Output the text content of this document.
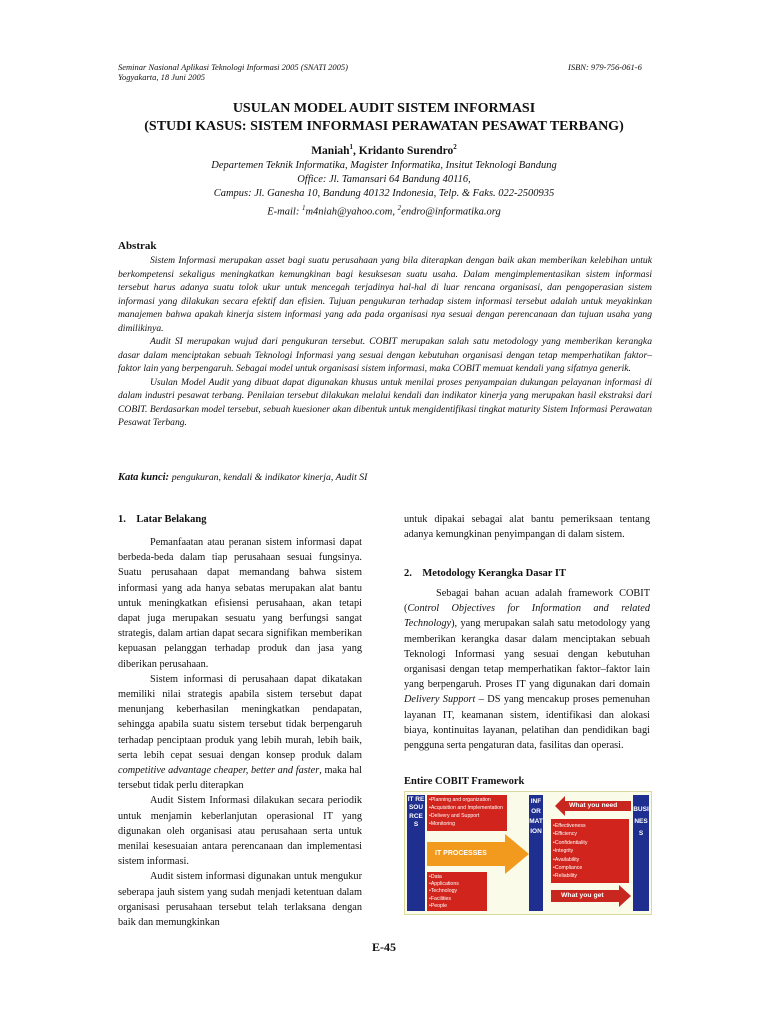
Seminar Nasional Aplikasi Teknologi Informasi 2005 (SNATI 2005)
Yogyakarta, 18 Juni 2005
ISBN: 979-756-061-6
USULAN MODEL AUDIT SISTEM INFORMASI
(STUDI KASUS: SISTEM INFORMASI PERAWATAN PESAWAT TERBANG)
Maniah$^1$, Kridanto Surendro$^2$
Departemen Teknik Informatika, Magister Informatika, Insitut Teknologi Bandung
Office: Jl. Tamansari 64 Bandung 40116,
Campus: Jl. Ganesha 10, Bandung 40132 Indonesia, Telp. & Faks. 022-2500935
E-mail: $^1$m4niah@yahoo.com, $^2$endro@informatika.org
Abstrak

Sistem Informasi merupakan asset bagi suatu perusahaan yang bila diterapkan dengan baik akan memberikan kelebihan untuk berkompetensi sekaligus meningkatkan kemungkinan bagi kesuksesan suatu usaha. Dalam mengimplementasikan sistem informasi tersebut harus adanya suatu tolok ukur untuk mencegah terjadinya hal-hal di luar rencana organisasi, dan pengoperasian sistem informasi yang dilakukan secara efektif dan efisien. Tujuan pengukuran terhadap sistem informasi tersebut adalah untuk meyakinkan manajemen bahwa apakah kinerja sistem informasi yang ada pada organisasi nya sesuai dengan perencanaan dan tujuan usaha yang dimilikinya.

Audit SI merupakan wujud dari pengukuran tersebut. COBIT merupakan salah satu metodology yang memberikan kerangka dasar dalam menciptakan sebuah Teknologi Informasi yang sesuai dengan kebutuhan organisasi dengan tetap memperhatikan faktor–faktor lain yang berpengaruh. Sebagai model untuk organisasi sistem informasi, maka COBIT memuat kendali yang sifatnya generik.

Usulan Model Audit yang dibuat dapat digunakan khusus untuk menilai proses penyampaian dukungan pelayanan informasi di dalam industri pesawat terbang. Penilaian tersebut dilakukan melalui kendali dan indikator kinerja yang merupakan hasil ekstraksi dari COBIT. Berdasarkan model tersebut, sebuah kuesioner akan dibentuk untuk mengidentifikasi tingkat maturity Sistem Informasi Perawatan Pesawat Terbang.

Kata kunci: pengukuran, kendali & indikator kinerja, Audit SI
1.    Latar Belakang

Pemanfaatan atau peranan sistem informasi dapat berbeda-beda dalam tiap perusahaan sesuai fungsinya. Suatu perusahaan dapat memandang bahwa sistem informasi yang ada hanya sebatas merupakan alat bantu untuk meningkatkan efisiensi perusahaan, akan tetapi dapat juga merupakan sesuatu yang berfungsi sangat strategis, dalam artian dapat secara signifikan memberikan kepuasan pelanggan terhadap produk dan jasa yang diberikan perusahaan.

Sistem informasi di perusahaan dapat dikatakan memiliki nilai strategis apabila sistem tersebut dapat menunjang keberhasilan meningkatkan pendapatan, sehingga apabila suatu sistem tersebut tidak berpengaruh terhadap penciptaan produk yang lebih murah, lebih baik, serta lebih cepat sesuai dengan konsep produk dalam competitive advantage cheaper, better and faster, maka hal tersebut tidak perlu diterapkan

Audit Sistem Informasi dilakukan secara periodik untuk menjamin keberlanjutan operasional IT yang digunakan oleh organisasi atau perusahaan serta untuk menilai kesesuaian antara perencanaan dan implementasi sistem informasi.

Audit sistem informasi digunakan untuk mengukur seberapa jauh sistem yang sudah menjadi ketentuan dalam organisasi perusahaan tersebut telah terlaksana dengan baik dan memungkinkan

untuk dipakai sebagai alat bantu pemeriksaan tentang adanya kemungkinan penyimpangan di dalam sistem.

2.    Metodology Kerangka Dasar IT

Sebagai bahan acuan adalah framework COBIT (Control Objectives for Information and related Technology), yang merupakan salah satu metodology yang memberikan kerangka dasar dalam menciptakan sebuah Teknologi Informasi yang sesuai dengan kebutuhan organisasi dengan tetap memperhatikan faktor–faktor lain yang berpengaruh. Proses IT yang digunakan dari domain Delivery Support – DS yang mencakup proses pemenuhan layanan IT, keamanan sistem, identifikasi dan alokasi biaya, kontinuitas layanan, pelatihan dan pendidikan bagi pengguna serta pengaturan data, fasilitas dan operasi.

Entire COBIT Framework
IT RESOURCES
•Planning and organization
•Acquisition and Implementation
•Delivery and Support
•Monitoring
IT PROCESSES
•Data
•Applications
•Technology
•Facilities
•People
INFORMATION
What you need
•Effectiveness
•Efficiency
•Confidentiality
•Integrity
•Availability
•Compliance
•Reliability
What you get
BUSINESS
E-45
